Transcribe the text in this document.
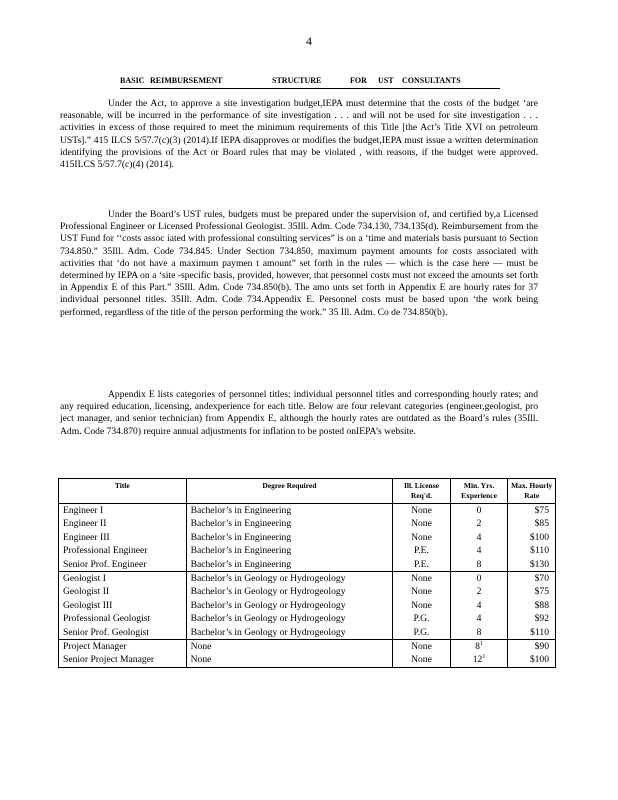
4
BASIC REIMBURSEMENT	STRUCTURE	FOR UST CONSULTANTS

Under the Act, to approve a site investigation budget,IEPA must determine that the costs of the budget ‘are reasonable, will be incurred in the performance of site investigation . . . and will not be used for site investigation . . . activities in excess of those required to meet the minimum requirements of this Title [the Act’s Title XVI on petroleum USTs].” 415 ILCS 5/57.7(c)(3) (2014).If IEPA disapproves or modifies the budget,IEPA must issue a written determination identifying the provisions of the Act or Board rules that may be violated , with reasons, if the budget were approved. 415ILCS 5/57.7(c)(4) (2014).

Under the Board’s UST rules, budgets must be prepared under the supervision of, and certified by,a Licensed Professional Engineer or Licensed Professional Geologist. 35Ill. Adm. Code 734.130, 734.135(d). Reimbursement from the UST Fund for ‘‘costs assoc iated with professional consulting services” is on a ‘time and materials basis pursuant to Section 734.850.” 35Ill. Adm. Code 734.845. Under Section 734.850, maximum payment amounts for costs associated with activities that ‘do not have a maximum paymen t amount” set forth in the rules — which is the case here — must be determined by IEPA on a ‘site -specific basis, provided, however, that personnel costs must not exceed the amounts set forth in Appendix E of this Part.” 35Ill. Adm. Code 734.850(b). The amo unts set forth in Appendix E are hourly rates for 37 individual personnel titles. 35Ill. Adm. Code 734.Appendix E. Personnel costs must be based upon ‘the work being performed, regardless of the title of the person performing the work.” 35 Ill. Adm. Co de 734.850(b).

Appendix E lists categories of personnel titles; individual personnel titles and corresponding hourly rates; and any required education, licensing, andexperience for each title. Below are four relevant categories (engineer,geologist, pro ject manager, and senior technician) from Appendix E, although the hourly rates are outdated as the Board’s rules (35Ill. Adm. Code 734.870) require annual adjustments for inflation to be posted onIEPA’s website.

Title	Degree Required	Ill. License Req'd.	Min. Yrs. Experience	Max. Hourly Rate
Engineer I	Bachelor’s in Engineering	None	0	$75
Engineer II	Bachelor’s in Engineering	None	2	$85
Engineer III	Bachelor’s in Engineering	None	4	$100
Professional Engineer	Bachelor’s in Engineering	P.E.	4	$110
Senior Prof. Engineer	Bachelor’s in Engineering	P.E.	8	$130
Geologist I	Bachelor’s in Geology or Hydrogeology	None	0	$70
Geologist II	Bachelor’s in Geology or Hydrogeology	None	2	$75
Geologist III	Bachelor’s in Geology or Hydrogeology	None	4	$88
Professional Geologist	Bachelor’s in Geology or Hydrogeology	P.G.	4	$92
Senior Prof. Geologist	Bachelor’s in Geology or Hydrogeology	P.G.	8	$110
Project Manager	None	None	$8^1$	$90
Senior Project Manager	None	None	$12^1$	$100
